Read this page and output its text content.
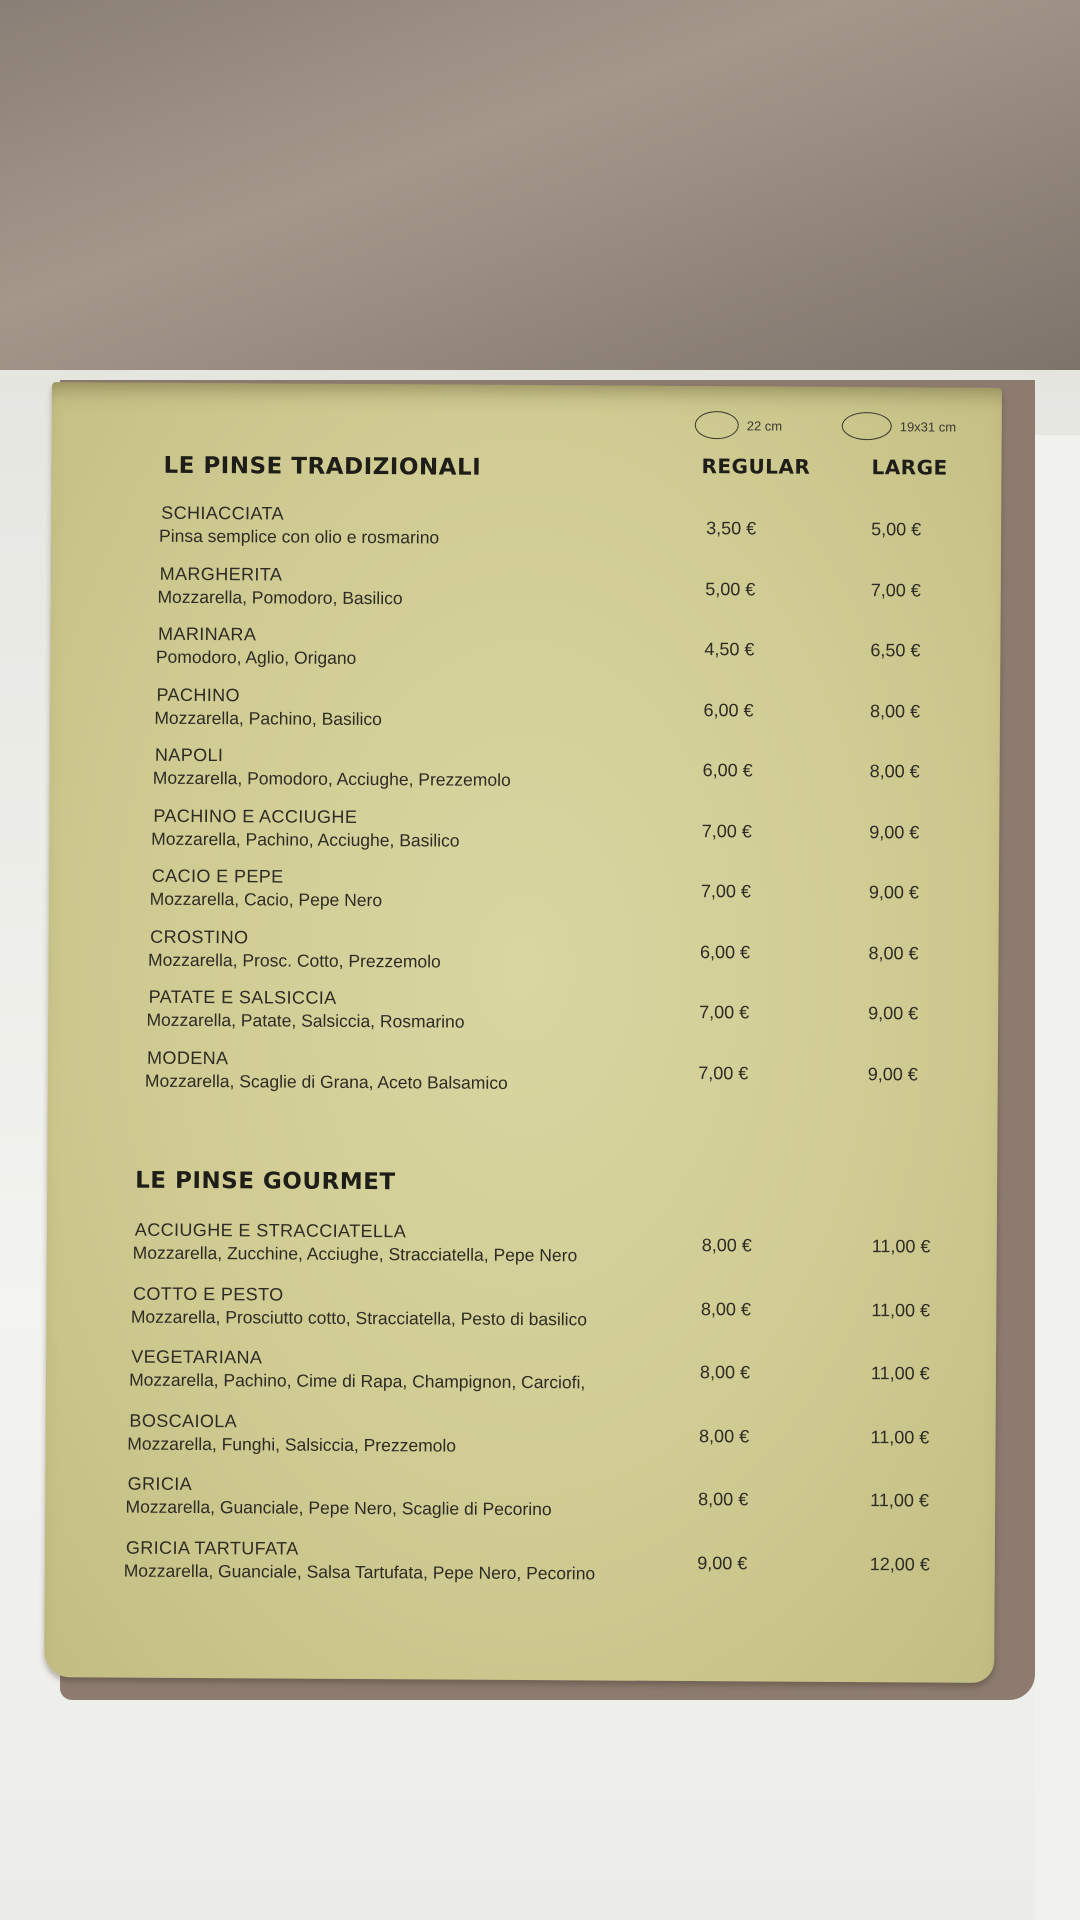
22 cm	19x31 cm
LE PINSE TRADIZIONALI	REGULAR	LARGE
SCHIACCIATA
Pinsa semplice con olio e rosmarino	3,50 €	5,00 €
MARGHERITA
Mozzarella, Pomodoro, Basilico	5,00 €	7,00 €
MARINARA
Pomodoro, Aglio, Origano	4,50 €	6,50 €
PACHINO
Mozzarella, Pachino, Basilico	6,00 €	8,00 €
NAPOLI
Mozzarella, Pomodoro, Acciughe, Prezzemolo	6,00 €	8,00 €
PACHINO E ACCIUGHE
Mozzarella, Pachino, Acciughe, Basilico	7,00 €	9,00 €
CACIO E PEPE
Mozzarella, Cacio, Pepe Nero	7,00 €	9,00 €
CROSTINO
Mozzarella, Prosc. Cotto, Prezzemolo	6,00 €	8,00 €
PATATE E SALSICCIA
Mozzarella, Patate, Salsiccia, Rosmarino	7,00 €	9,00 €
MODENA
Mozzarella, Scaglie di Grana, Aceto Balsamico	7,00 €	9,00 €
LE PINSE GOURMET
ACCIUGHE E STRACCIATELLA
Mozzarella, Zucchine, Acciughe, Stracciatella, Pepe Nero	8,00 €	11,00 €
COTTO E PESTO
Mozzarella, Prosciutto cotto, Stracciatella, Pesto di basilico	8,00 €	11,00 €
VEGETARIANA
Mozzarella, Pachino, Cime di Rapa, Champignon, Carciofi,	8,00 €	11,00 €
BOSCAIOLA
Mozzarella, Funghi, Salsiccia, Prezzemolo	8,00 €	11,00 €
GRICIA
Mozzarella, Guanciale, Pepe Nero, Scaglie di Pecorino	8,00 €	11,00 €
GRICIA TARTUFATA
Mozzarella, Guanciale, Salsa Tartufata, Pepe Nero, Pecorino	9,00 €	12,00 €
